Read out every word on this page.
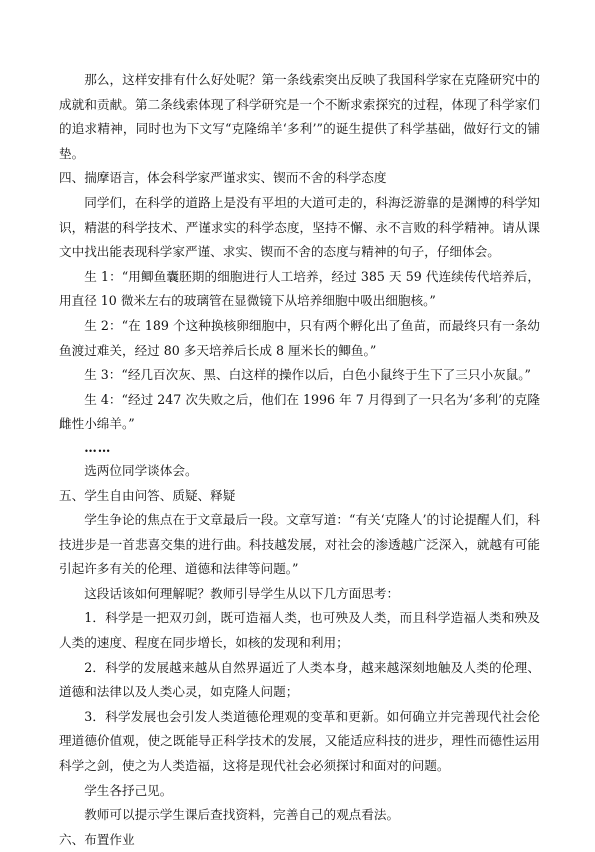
那么，这样安排有什么好处呢？第一条线索突出反映了我国科学家在克隆研究中的成就和贡献。第二条线索体现了科学研究是一个不断求索探究的过程，体现了科学家们的追求精神，同时也为下文写“克隆绵羊‘多利’”的诞生提供了科学基础，做好行文的铺垫。

四、揣摩语言，体会科学家严谨求实、锲而不舍的科学态度

同学们，在科学的道路上是没有平坦的大道可走的，科海泛游靠的是渊博的科学知识，精湛的科学技术、严谨求实的科学态度，坚持不懈、永不言败的科学精神。请从课文中找出能表现科学家严谨、求实、锲而不舍的态度与精神的句子，仔细体会。

生 1：“用鲫鱼囊胚期的细胞进行人工培养，经过 385 天 59 代连续传代培养后，用直径 10 微米左右的玻璃管在显微镜下从培养细胞中吸出细胞核。”

生 2：“在 189 个这种换核卵细胞中，只有两个孵化出了鱼苗，而最终只有一条幼鱼渡过难关，经过 80 多天培养后长成 8 厘米长的鲫鱼。”

生 3：“经几百次灰、黑、白这样的操作以后，白色小鼠终于生下了三只小灰鼠。”

生 4：“经过 247 次失败之后，他们在 1996 年 7 月得到了一只名为‘多利’的克隆雌性小绵羊。”

……

选两位同学谈体会。

五、学生自由问答、质疑、释疑

学生争论的焦点在于文章最后一段。文章写道：“有关‘克隆人’的讨论提醒人们，科技进步是一首悲喜交集的进行曲。科技越发展，对社会的渗透越广泛深入，就越有可能引起许多有关的伦理、道德和法律等问题。”

这段话该如何理解呢？教师引导学生从以下几方面思考：

1．科学是一把双刃剑，既可造福人类，也可殃及人类，而且科学造福人类和殃及人类的速度、程度在同步增长，如核的发现和利用；

2．科学的发展越来越从自然界逼近了人类本身，越来越深刻地触及人类的伦理、道德和法律以及人类心灵，如克隆人问题；

3．科学发展也会引发人类道德伦理观的变革和更新。如何确立并完善现代社会伦理道德价值观，使之既能导正科学技术的发展，又能适应科技的进步，理性而德性运用科学之剑，使之为人类造福，这将是现代社会必须探讨和面对的问题。

学生各抒己见。

教师可以提示学生课后查找资料，完善自己的观点看法。

六、布置作业
